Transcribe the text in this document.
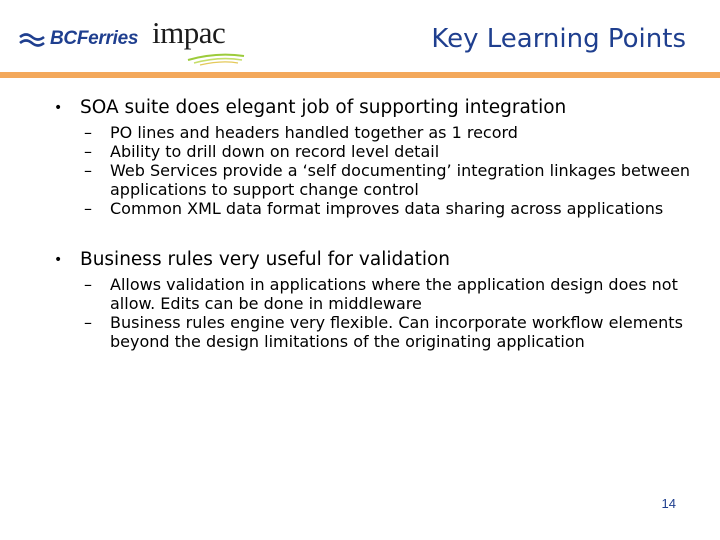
BCFerries impac	Key Learning Points
• SOA suite does elegant job of supporting integration
– PO lines and headers handled together as 1 record
– Ability to drill down on record level detail
– Web Services provide a ‘self documenting’ integration linkages between applications to support change control
– Common XML data format improves data sharing across applications
• Business rules very useful for validation
– Allows validation in applications where the application design does not allow. Edits can be done in middleware
– Business rules engine very flexible. Can incorporate workflow elements beyond the design limitations of the originating application
14
